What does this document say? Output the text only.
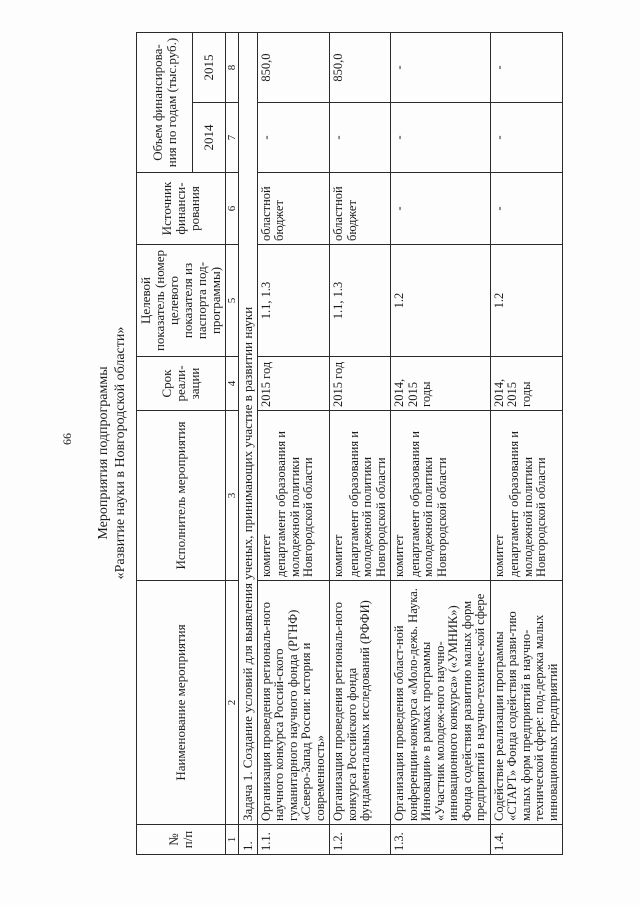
66 Мероприятия подпрограммы «Развитие науки в Новгородской области»
№ п/п	Наименование мероприятия	Исполнитель мероприятия	Срок реали-зации	Целевой показатель (номер целевого показателя из паспорта под-программы)	Источник финанси-рования	Объем финансирова-ния по годам (тыс.руб.)	
						2014	2015
1	2	3	4	5	6	7	8
1.	Задача 1. Создание условий для выявления ученых, принимающих участие в развитии науки						
1.1.	Организация проведения региональ-ного научного конкурса Россий-ского гуманитарного научного фонда (РГНФ) «Северо-Запад России: история и современность»	комитет департамент образования и молодежной политики Новгородской области	2015 год	1.1, 1.3	областной бюджет	-	850,0
1.2.	Организация проведения региональ-ного конкурса Российского фонда фундаментальных исследований (РФФИ)	комитет департамент образования и молодежной политики Новгородской области	2015 год	1.1, 1.3	областной бюджет	-	850,0
1.3.	Организация проведения област-ной конференции-конкурса «Моло-дежь. Наука. Инновации» в рамках программы «Участник молодеж-ного научно-инновационного конкурса» («УМНИК») Фонда содействия развитию малых форм предприятий в научно-техничес-кой сфере	комитет департамент образования и молодежной политики Новгородской области	2014, 2015 годы	1.2	-	-	-
1.4.	Содействие реализации программы «СТАРТ» Фонда содействия разви-тию малых форм предприятий в научно-технической сфере: под-держка малых инновационных предприятий	комитет департамент образования и молодежной политики Новгородской области	2014, 2015 годы	1.2	-	-	-
